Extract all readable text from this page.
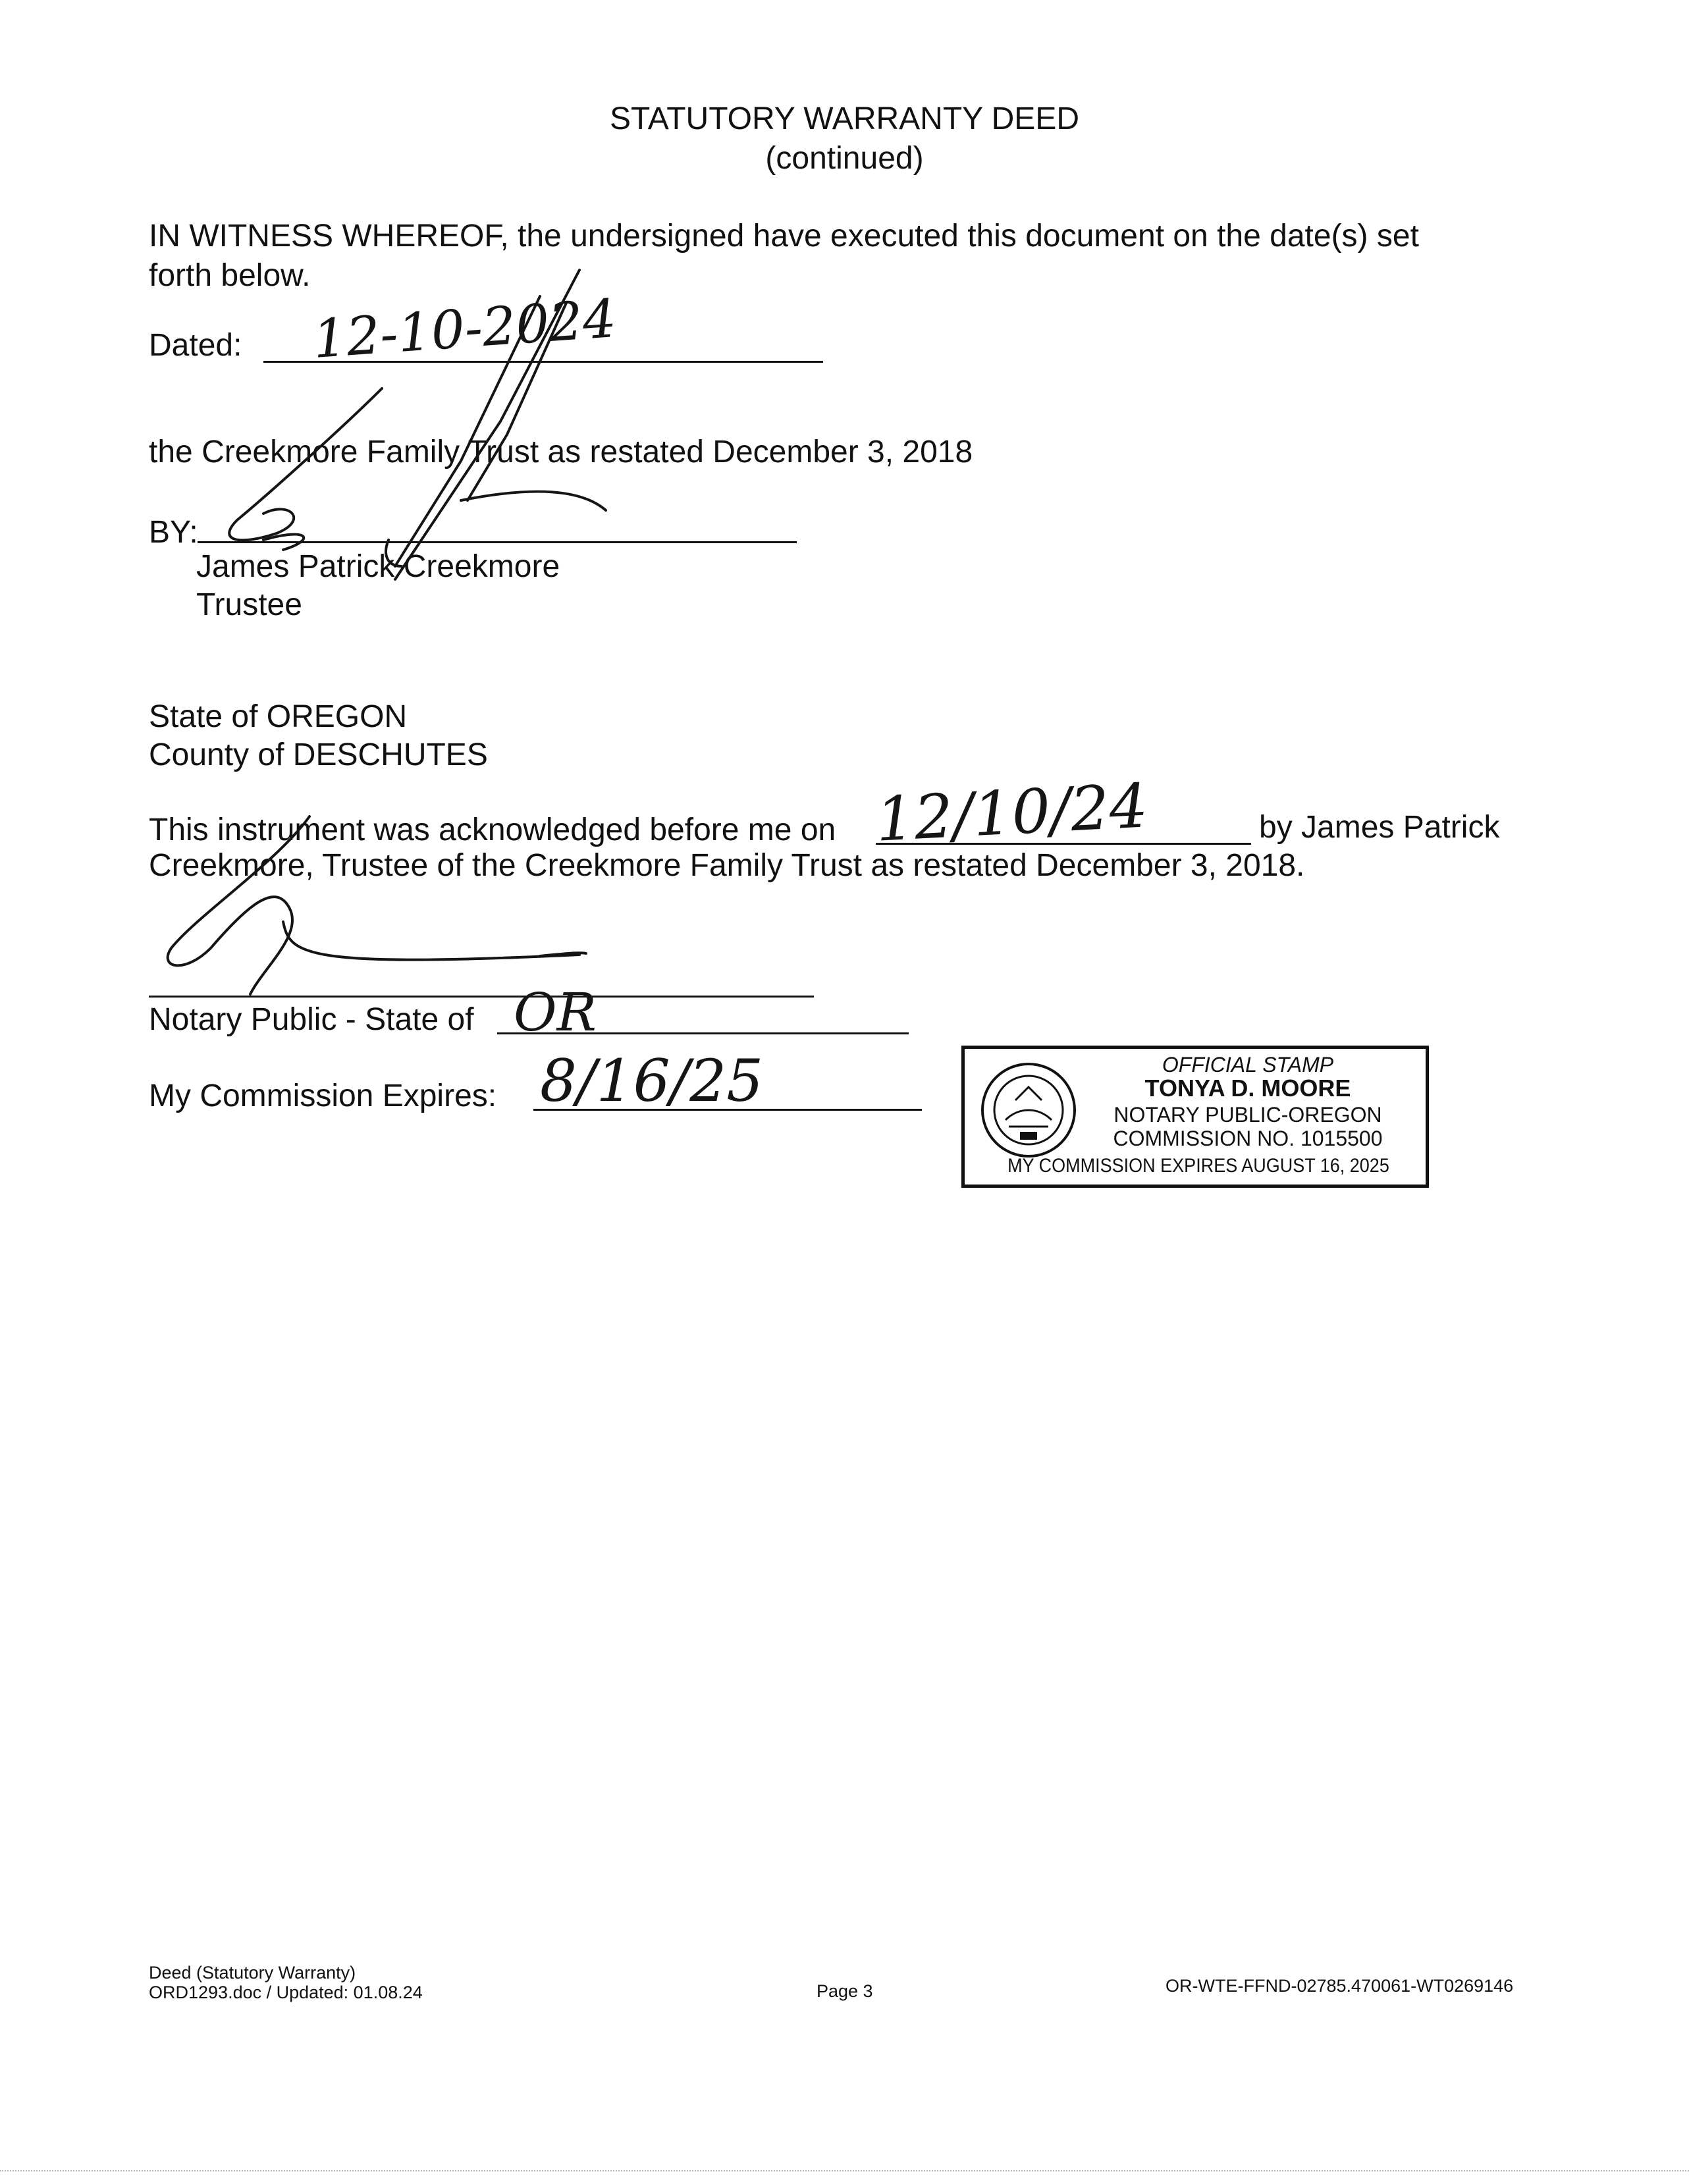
STATUTORY WARRANTY DEED
(continued)
IN WITNESS WHEREOF, the undersigned have executed this document on the date(s) set
forth below.
Dated: 12-10-2024
the Creekmore Family Trust as restated December 3, 2018
BY:
James Patrick Creekmore
Trustee
State of OREGON
County of DESCHUTES
This instrument was acknowledged before me on 12/10/24	by James Patrick
Creekmore, Trustee of the Creekmore Family Trust as restated December 3, 2018.
Notary Public - State of OR
My Commission Expires: 8/16/25	OFFICIAL STAMP
TONYA D. MOORE
NOTARY PUBLIC-OREGON
COMMISSION NO. 1015500
MY COMMISSION EXPIRES AUGUST 16, 2025
Deed (Statutory Warranty)
ORD1293.doc / Updated: 01.08.24	Page 3	OR-WTE-FFND-02785.470061-WT0269146
